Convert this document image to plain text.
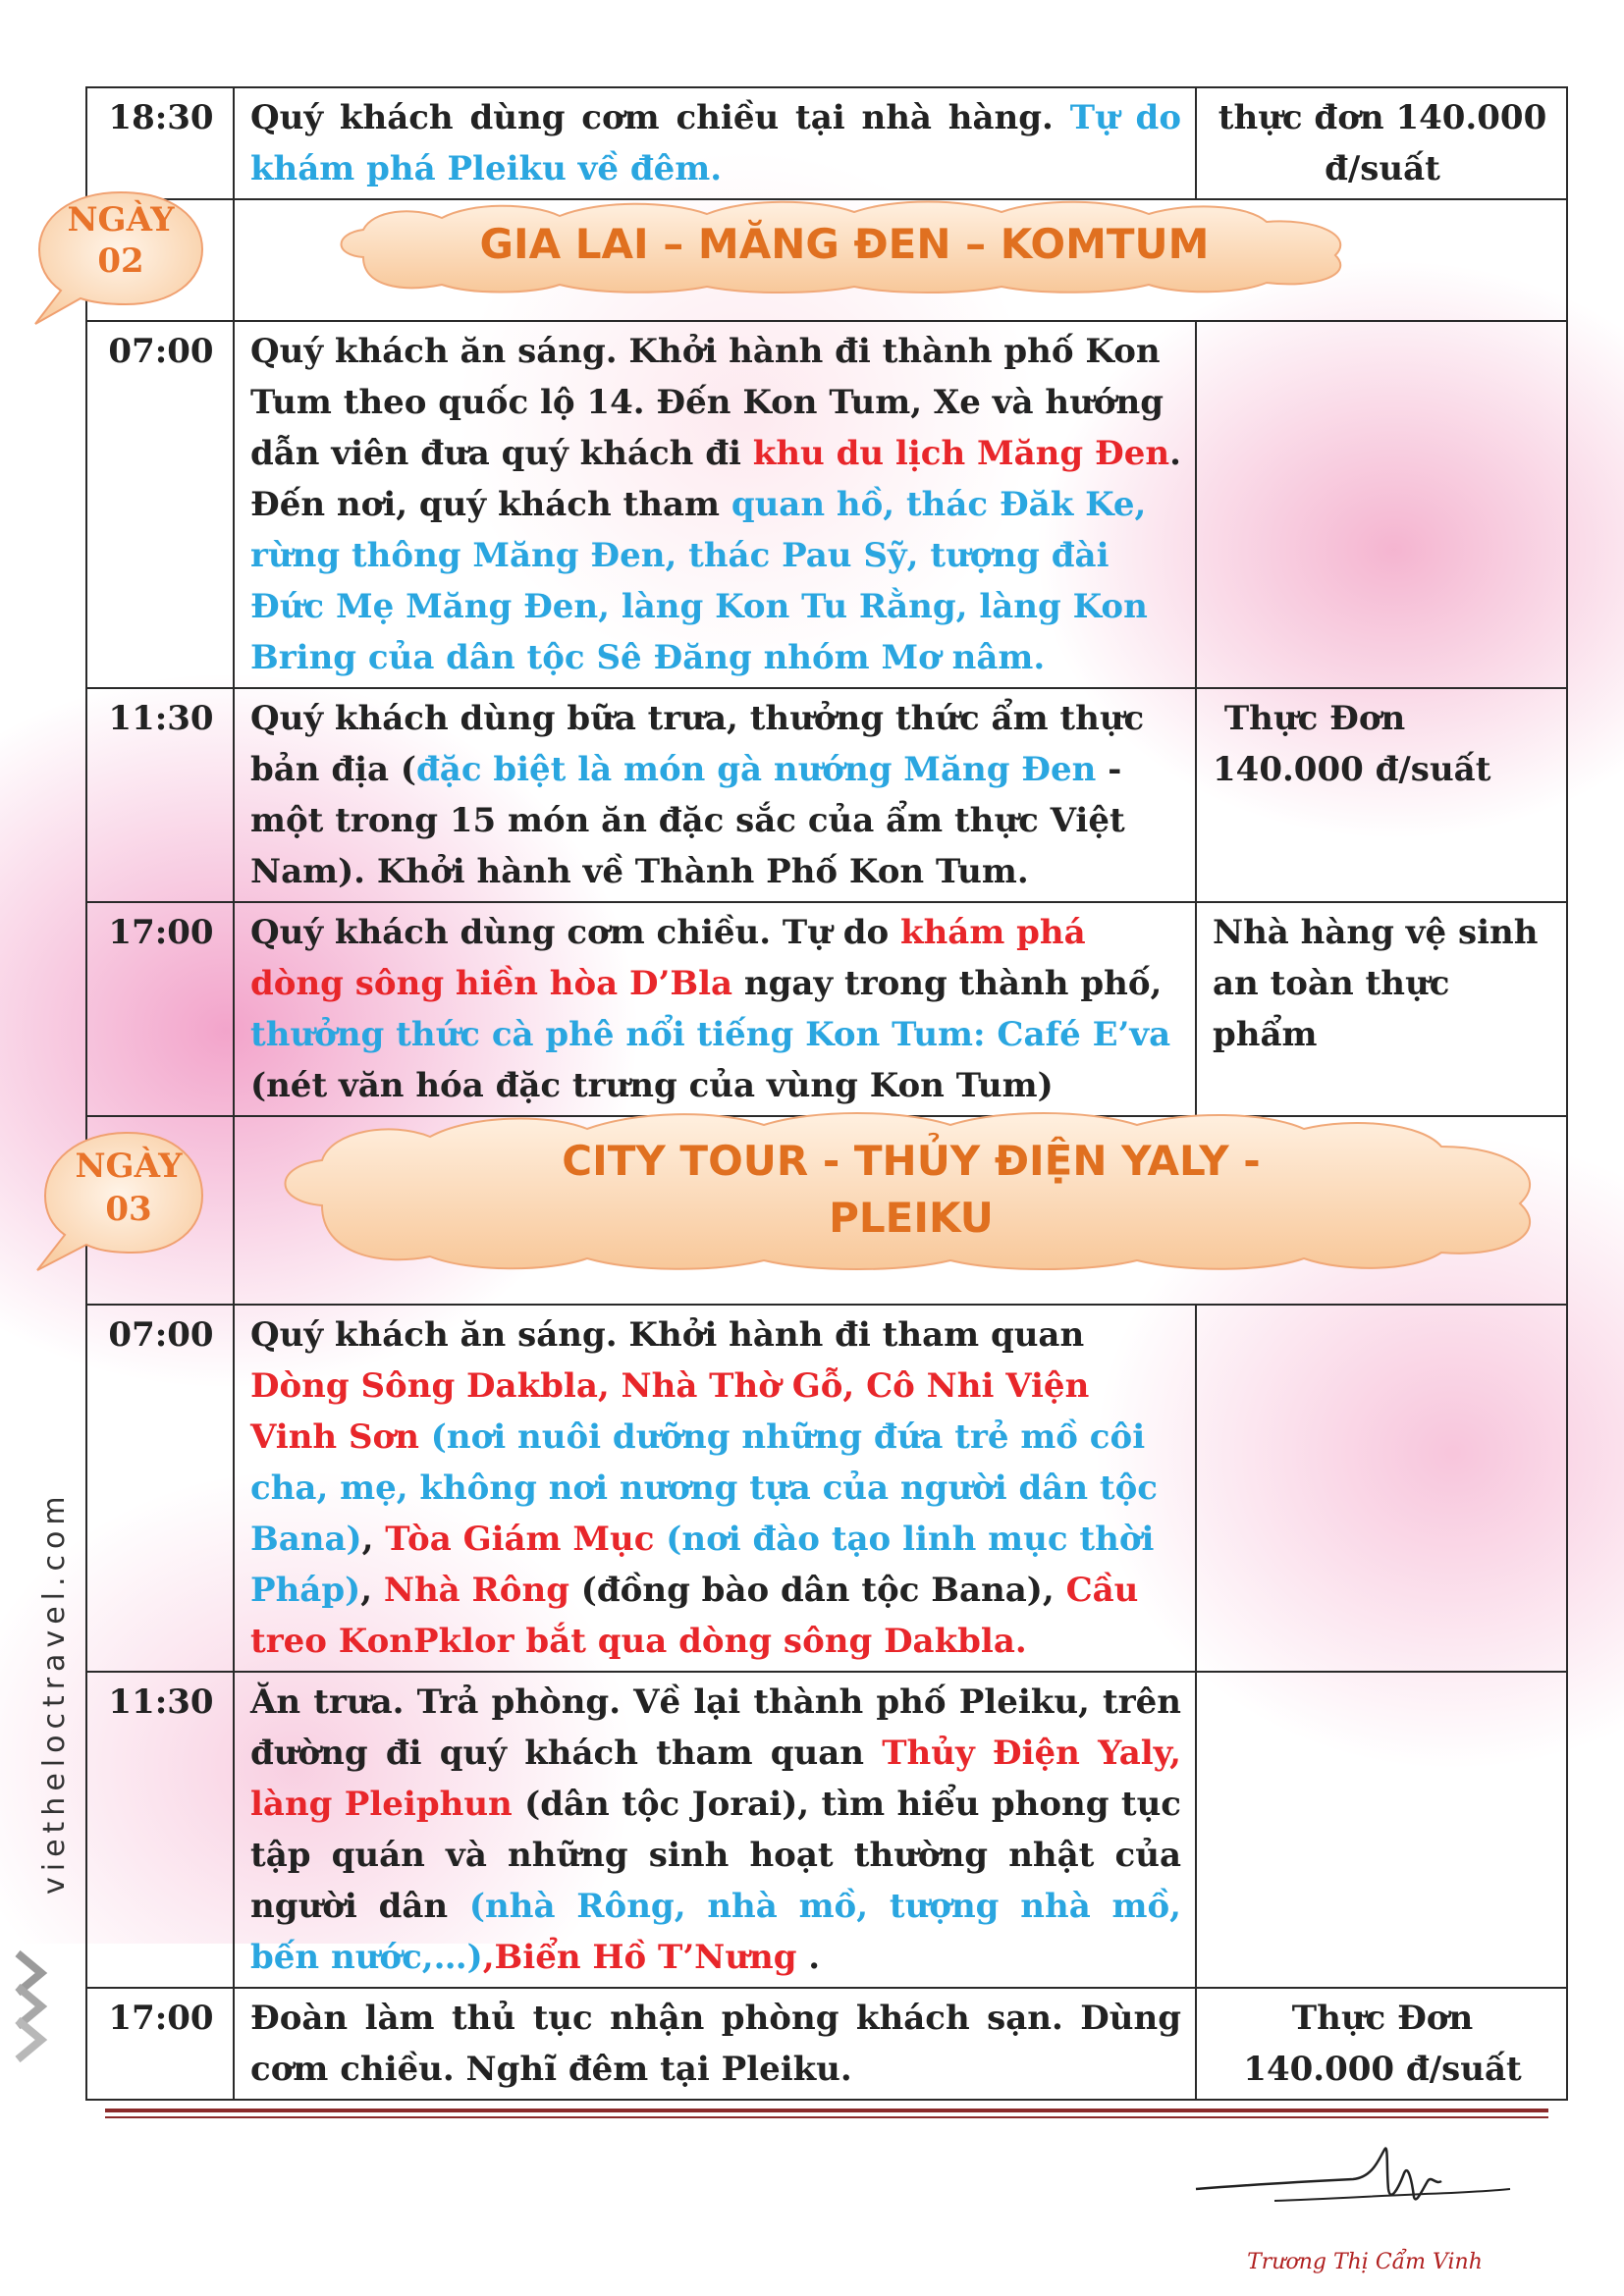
18:30	Quý khách dùng cơm chiều tại nhà hàng. Tự do khám phá Pleiku về đêm.	thực đơn 140.000 đ/suất

07:00	Quý khách ăn sáng. Khởi hành đi thành phố Kon Tum theo quốc lộ 14. Đến Kon Tum, Xe và hướng dẫn viên đưa quý khách đi khu du lịch Măng Đen. Đến nơi, quý khách tham quan hồ, thác Đăk Ke, rừng thông Măng Đen, thác Pau Sỹ, tượng đài Đức Mẹ Măng Đen, làng Kon Tu Rằng, làng Kon Bring của dân tộc Sê Đăng nhóm Mơ nâm.	
11:30	Quý khách dùng bữa trưa, thưởng thức ẩm thực bản địa (đặc biệt là món gà nướng Măng Đen - một trong 15 món ăn đặc sắc của ẩm thực Việt Nam). Khởi hành về Thành Phố Kon Tum.	Thực Đơn 140.000 đ/suất
17:00	Quý khách dùng cơm chiều. Tự do khám phá dòng sông hiền hòa D’Bla ngay trong thành phố, thưởng thức cà phê nổi tiếng Kon Tum: Café E’va (nét văn hóa đặc trưng của vùng Kon Tum)	Nhà hàng vệ sinh an toàn thực phẩm

07:00	Quý khách ăn sáng. Khởi hành đi tham quan Dòng Sông Dakbla, Nhà Thờ Gỗ, Cô Nhi Viện Vinh Sơn (nơi nuôi dưỡng những đứa trẻ mồ côi cha, mẹ, không nơi nương tựa của người dân tộc Bana), Tòa Giám Mục (nơi đào tạo linh mục thời Pháp), Nhà Rông (đồng bào dân tộc Bana), Cầu treo KonPklor bắt qua dòng sông Dakbla.	
11:30	Ăn trưa. Trả phòng. Về lại thành phố Pleiku, trên đường đi quý khách tham quan Thủy Điện Yaly, làng Pleiphun (dân tộc Jorai), tìm hiểu phong tục tập quán và những sinh hoạt thường nhật của người dân (nhà Rông, nhà mồ, tượng nhà mồ, bến nước,…),Biển Hồ T’Nưng .	
17:00	Đoàn làm thủ tục nhận phòng khách sạn. Dùng cơm chiều. Nghĩ đêm tại Pleiku.	Thực Đơn 140.000 đ/suất
NGÀY
02	GIA LAI – MĂNG ĐEN – KOMTUM
NGÀY
03
CITY TOUR - THỦY ĐIỆN YALY -
PLEIKU
vietheloctravel.com
Trương Thị Cẩm Vinh
